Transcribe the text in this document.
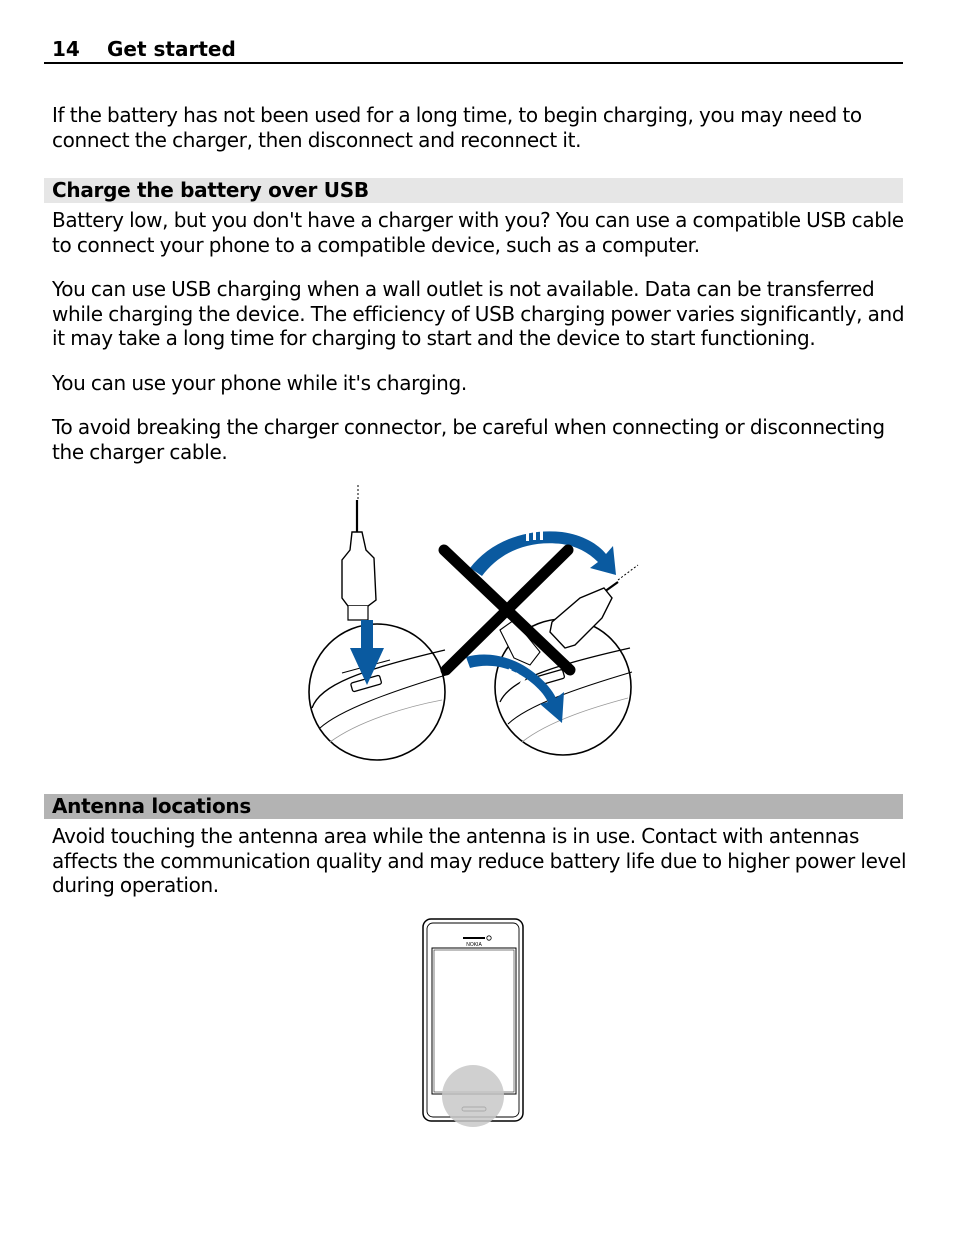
14 Get started

If the battery has not been used for a long time, to begin charging, you may need to connect the charger, then disconnect and reconnect it.

Charge the battery over USB

Battery low, but you don't have a charger with you? You can use a compatible USB cable to connect your phone to a compatible device, such as a computer.

You can use USB charging when a wall outlet is not available. Data can be transferred while charging the device. The efficiency of USB charging power varies significantly, and it may take a long time for charging to start and the device to start functioning.

You can use your phone while it's charging.

To avoid breaking the charger connector, be careful when connecting or disconnecting the charger cable.

Antenna locations

Avoid touching the antenna area while the antenna is in use. Contact with antennas affects the communication quality and may reduce battery life due to higher power level during operation.

NOKIA
